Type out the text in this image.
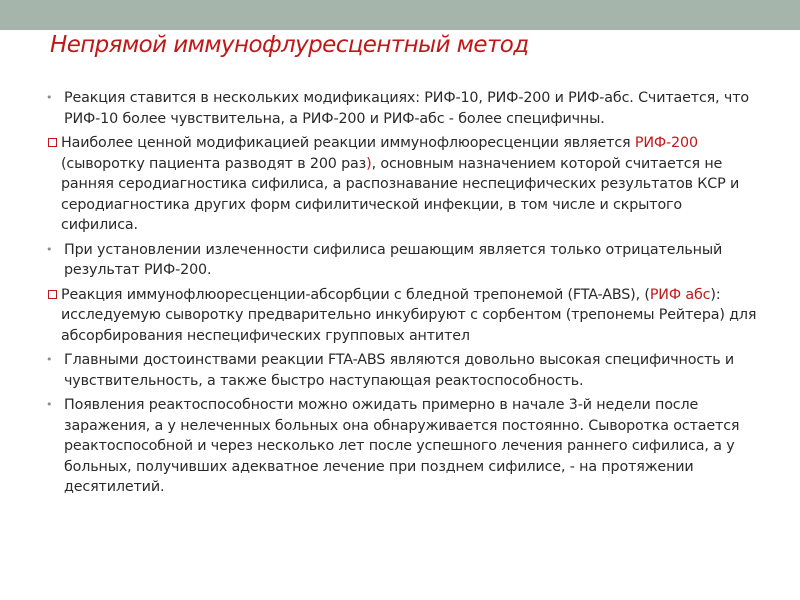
Непрямой иммунофлуресцентный метод
• Реакция ставится в нескольких модификациях: РИФ-10, РИФ-200 и РИФ-абс. Считается, что РИФ-10 более чувствительна, а РИФ-200 и РИФ-абс - более специфичны.
Наиболее ценной модификацией реакции иммунофлюоресценции является РИФ-200 (сыворотку пациента разводят в 200 раз), основным назначением которой считается не ранняя серодиагностика сифилиса, а распознавание неспецифических результатов КСР и серодиагностика других форм сифилитической инфекции, в том числе и скрытого сифилиса.
• При установлении излеченности сифилиса решающим является только отрицательный результат РИФ-200.
Реакция иммунофлюоресценции-абсорбции с бледной трепонемой (FTA-ABS), (РИФ абс): исследуемую сыворотку предварительно инкубируют с сорбентом (трепонемы Рейтера) для абсорбирования неспецифических групповых антител
• Главными достоинствами реакции FTA-ABS являются довольно высокая специфичность и чувствительность, а также быстро наступающая реактоспособность.
• Появления реактоспособности можно ожидать примерно в начале 3-й недели после заражения, а у нелеченных больных она обнаруживается постоянно. Сыворотка остается реактоспособной и через несколько лет после успешного лечения раннего сифилиса, а у больных, получивших адекватное лечение при позднем сифилисе, - на протяжении десятилетий.
